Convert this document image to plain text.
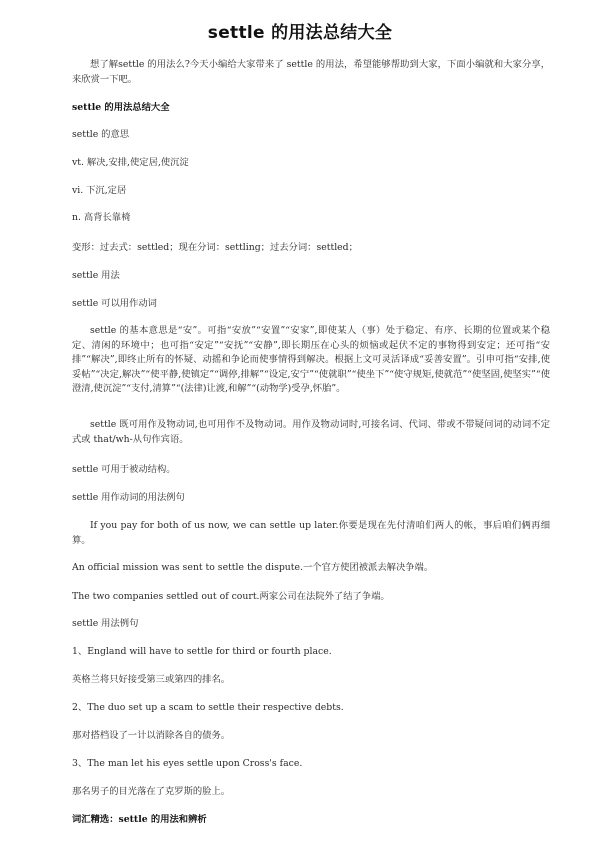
settle 的用法总结大全

想了解settle 的用法么?今天小编给大家带来了 settle 的用法，希望能够帮助到大家，下面小编就和大家分享，来欣赏一下吧。

settle 的用法总结大全

settle 的意思

vt. 解决,安排,使定居,使沉淀

vi. 下沉,定居

n. 高背长靠椅

变形：过去式：settled；现在分词：settling；过去分词：settled；

settle 用法

settle 可以用作动词

settle 的基本意思是“安”。可指“安放”“安置”“安家”,即使某人（事）处于稳定、有序、长期的位置或某个稳定、清闲的环境中；也可指“安定”“安抚”“安静”,即长期压在心头的烦恼或起伏不定的事物得到安定；还可指“安排”“解决”,即终止所有的怀疑、动摇和争论而使事情得到解决。根据上文可灵活译成“妥善安置”。引申可指“安排,使妥帖”“决定,解决”“使平静,使镇定”“调停,排解”“设定,安宁”“使就职”“使坐下”“使守规矩,使就范”“使坚固,使坚实”“使澄清,使沉淀”“支付,清算”“(法律)让渡,和解”“(动物学)受孕,怀胎”。

settle 既可用作及物动词,也可用作不及物动词。用作及物动词时,可接名词、代词、带或不带疑问词的动词不定式或 that/wh-从句作宾语。

settle 可用于被动结构。

settle 用作动词的用法例句

If you pay for both of us now, we can settle up later.你要是现在先付清咱们两人的帐，事后咱们俩再细算。

An official mission was sent to settle the dispute.一个官方使团被派去解决争端。

The two companies settled out of court.两家公司在法院外了结了争端。

settle 用法例句

1、England will have to settle for third or fourth place.

英格兰将只好接受第三或第四的排名。

2、The duo set up a scam to settle their respective debts.

那对搭档设了一计以消除各自的债务。

3、The man let his eyes settle upon Cross's face.

那名男子的目光落在了克罗斯的脸上。

词汇精选：settle 的用法和辨析
